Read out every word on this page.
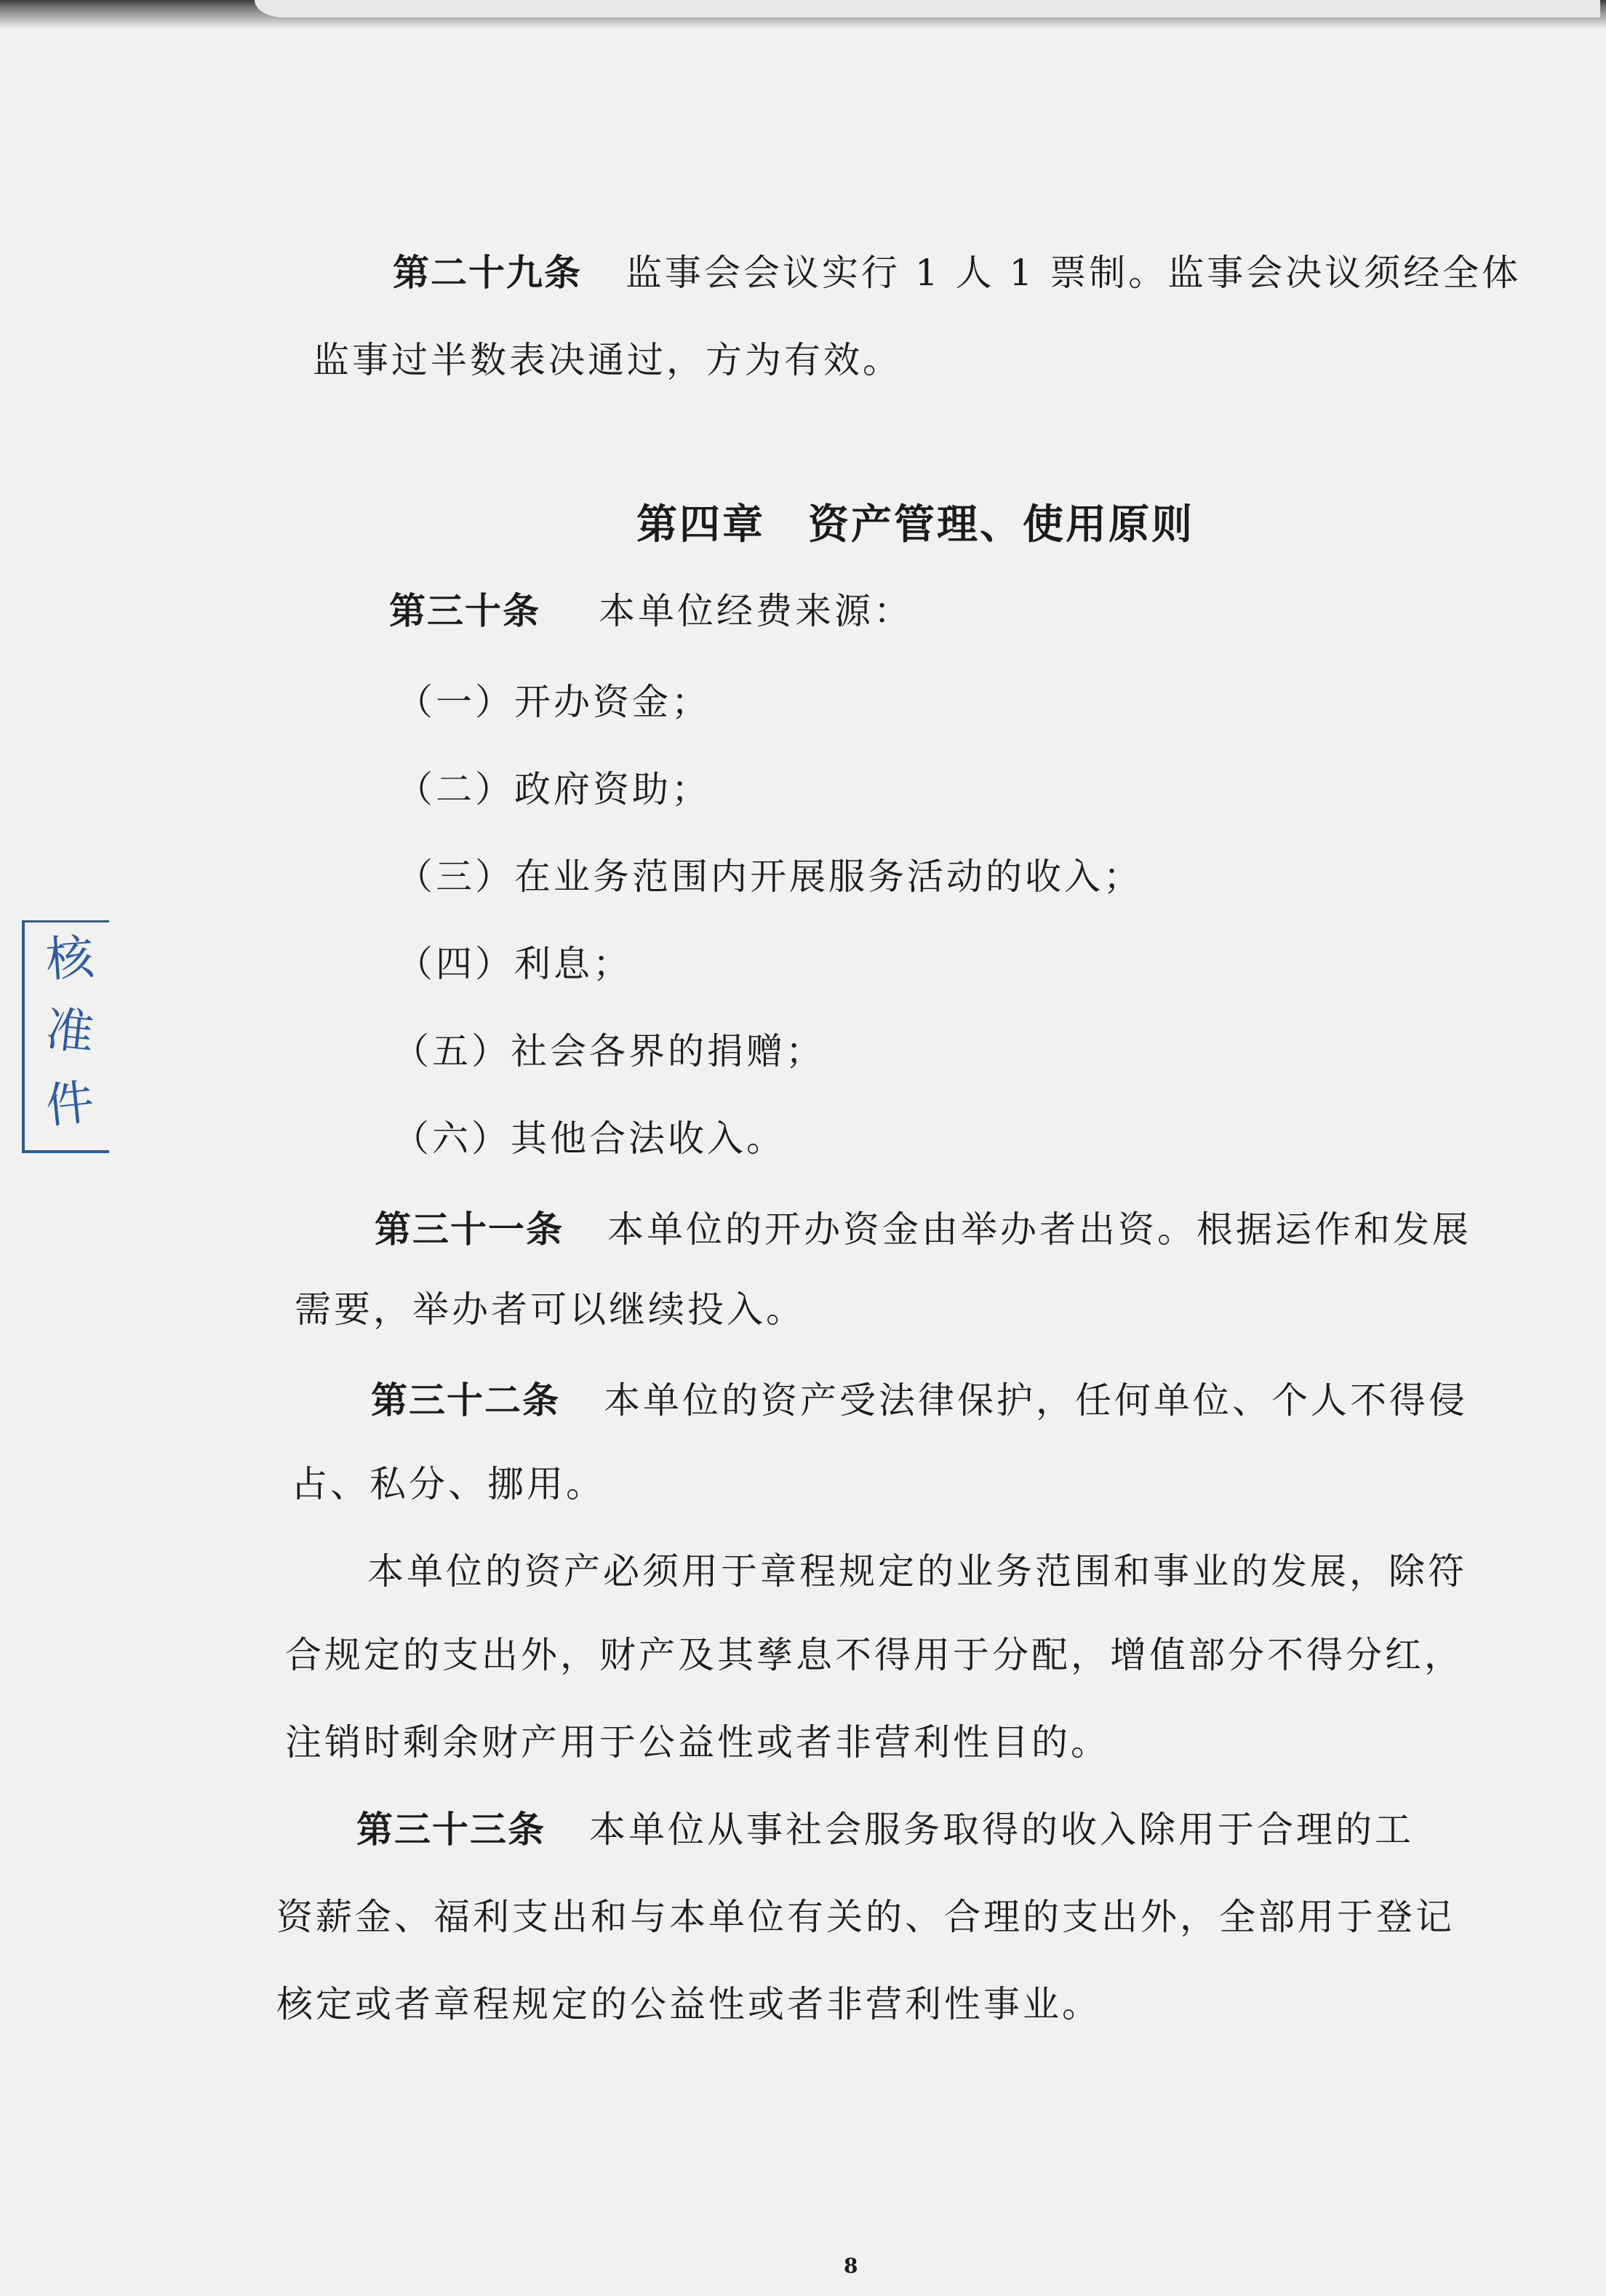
第二十九条 监事会会议实行 1 人 1 票制。监事会决议须经全体
监事过半数表决通过，方为有效。
第四章　资产管理、使用原则
第三十条 本单位经费来源：
（一）开办资金；
（二）政府资助；
（三）在业务范围内开展服务活动的收入；
（四）利息；
（五）社会各界的捐赠；
（六）其他合法收入。
第三十一条 本单位的开办资金由举办者出资。根据运作和发展
需要，举办者可以继续投入。
第三十二条 本单位的资产受法律保护，任何单位、个人不得侵
占、私分、挪用。
本单位的资产必须用于章程规定的业务范围和事业的发展，除符
合规定的支出外，财产及其孳息不得用于分配，增值部分不得分红，
注销时剩余财产用于公益性或者非营利性目的。
第三十三条 本单位从事社会服务取得的收入除用于合理的工
资薪金、福利支出和与本单位有关的、合理的支出外，全部用于登记
核定或者章程规定的公益性或者非营利性事业。
核
准
件
8
